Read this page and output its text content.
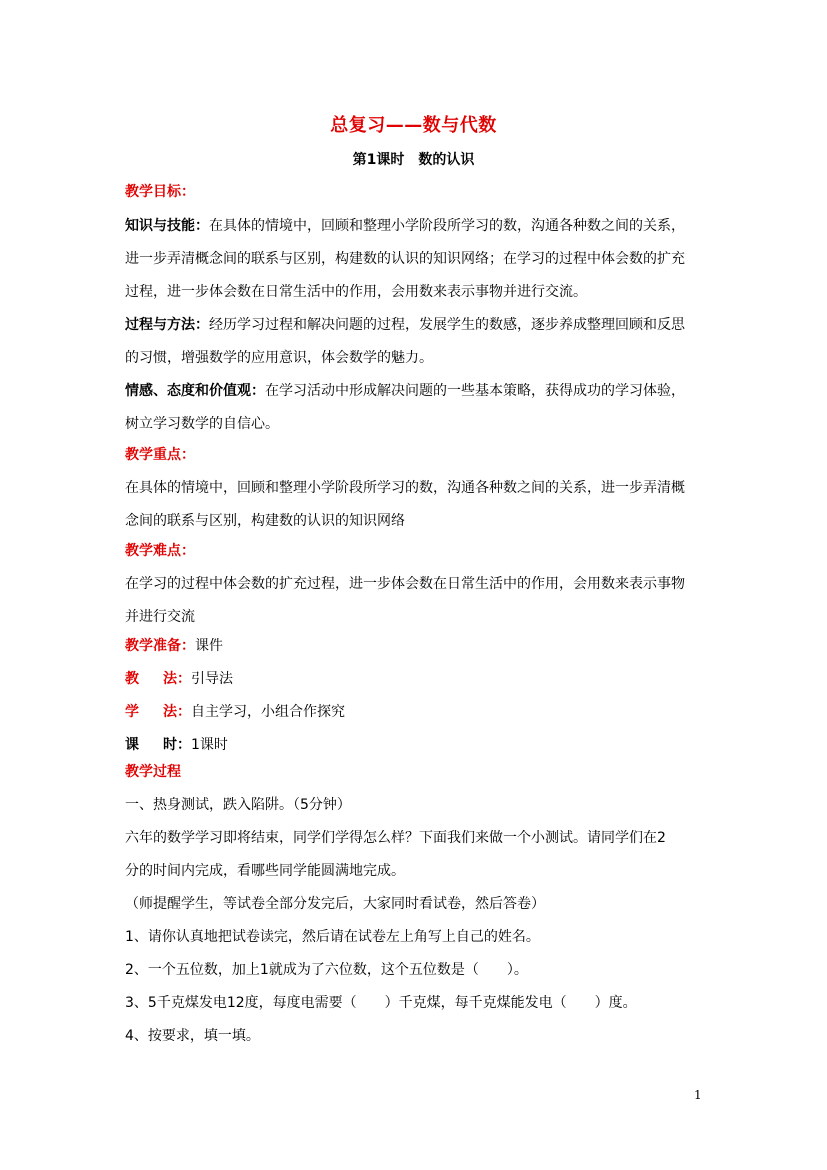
总复习——数与代数
第1课时　数的认识
教学目标：
知识与技能：在具体的情境中，回顾和整理小学阶段所学习的数，沟通各种数之间的关系，
进一步弄清概念间的联系与区别，构建数的认识的知识网络；在学习的过程中体会数的扩充
过程，进一步体会数在日常生活中的作用，会用数来表示事物并进行交流。
过程与方法：经历学习过程和解决问题的过程，发展学生的数感，逐步养成整理回顾和反思
的习惯，增强数学的应用意识，体会数学的魅力。
情感、态度和价值观：在学习活动中形成解决问题的一些基本策略，获得成功的学习体验，
树立学习数学的自信心。
教学重点：
在具体的情境中，回顾和整理小学阶段所学习的数，沟通各种数之间的关系，进一步弄清概
念间的联系与区别，构建数的认识的知识网络
教学难点：
在学习的过程中体会数的扩充过程，进一步体会数在日常生活中的作用，会用数来表示事物
并进行交流
教学准备：课件
教 法：引导法
学 法：自主学习，小组合作探究
课 时：1课时
教学过程
一、热身测试，跌入陷阱。（5分钟）
六年的数学学习即将结束，同学们学得怎么样？下面我们来做一个小测试。请同学们在2
分的时间内完成，看哪些同学能圆满地完成。
（师提醒学生，等试卷全部分发完后，大家同时看试卷，然后答卷）
1、请你认真地把试卷读完，然后请在试卷左上角写上自己的姓名。
2、一个五位数，加上1就成为了六位数，这个五位数是（　　）。
3、5千克煤发电12度，每度电需要（　　）千克煤，每千克煤能发电（　　）度。
4、按要求，填一填。
1
